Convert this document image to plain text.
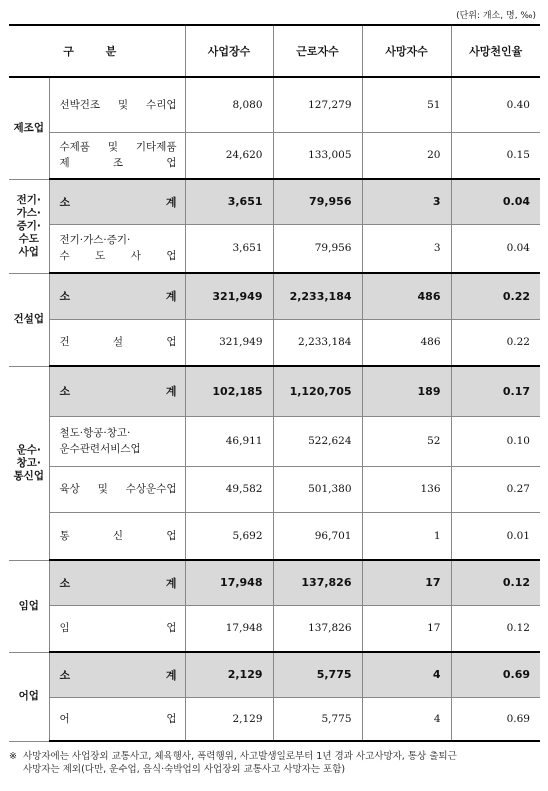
(단위: 개소, 명, ‰)
구 분		사업장수	근로자수	사망자수	사망천인율
제조업	선박건조 및 수리업	8,080	127,279	51	0.40

	수제품 및 기타제품
제 조 업	24,620	133,005	20	0.15
전기·
가스·
증기·
수도
사업	소 계	3,651	79,956	3	0.04

	전기·가스·증기·
수 도 사 업	3,651	79,956	3	0.04
건설업	소 계	321,949	2,233,184	486	0.22

	건 설 업	321,949	2,233,184	486	0.22
운수·
창고·
통신업	소 계	102,185	1,120,705	189	0.17

	철도·항공·창고·
운수관련서비스업	46,911	522,624	52	0.10

	육상 및 수상운수업	49,582	501,380	136	0.27

	통 신 업	5,692	96,701	1	0.01
임업	소 계	17,948	137,826	17	0.12

	임 업	17,948	137,826	17	0.12
어업	소 계	2,129	5,775	4	0.69

	어 업	2,129	5,775	4	0.69
※ 사망자에는 사업장외 교통사고, 체육행사, 폭력행위, 사고발생일로부터 1년 경과 사고사망자, 통상 출퇴근
사망자는 제외(다만, 운수업, 음식·숙박업의 사업장외 교통사고 사망자는 포함)
